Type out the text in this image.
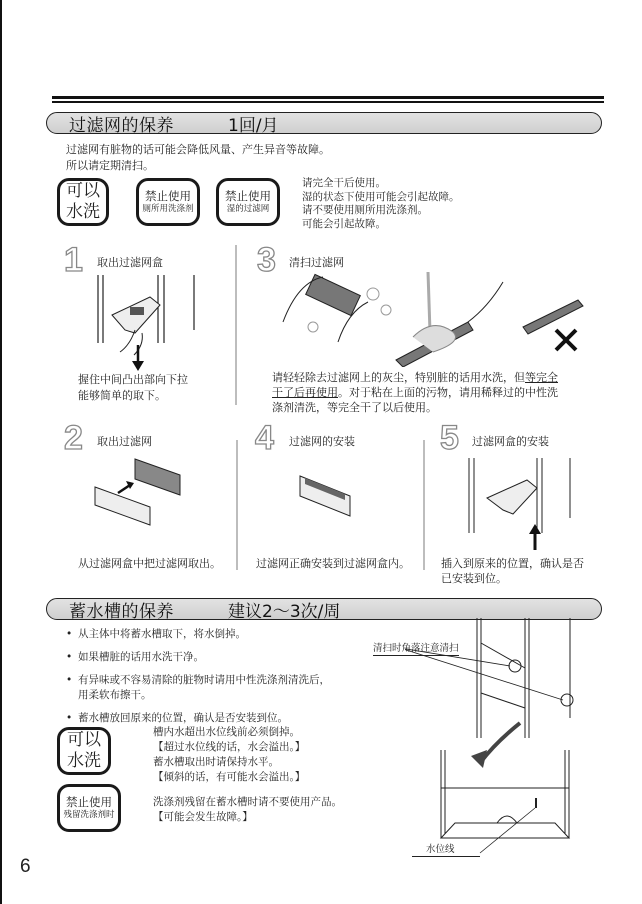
过滤网的保养	1回/月
过滤网有脏物的话可能会降低风量、产生异音等故障。
所以请定期清扫。
可以
水洗
禁止使用
厕所用洗涤剂
禁止使用
湿的过滤网
请完全干后使用。
湿的状态下使用可能会引起故障。
请不要使用厕所用洗涤剂。
可能会引起故障。
1 取出过滤网盒
握住中间凸出部向下拉
能够简单的取下。
3 清扫过滤网
请轻轻除去过滤网上的灰尘，特别脏的话用水洗，但等完全
干了后再使用。对于粘在上面的污物，请用稀释过的中性洗
涤剂清洗，等完全干了以后使用。
2 取出过滤网
从过滤网盒中把过滤网取出。
4 过滤网的安装
过滤网正确安装到过滤网盒内。
5 过滤网盒的安装
插入到原来的位置，确认是否
已安装到位。
蓄水槽的保养	建议2～3次/周
• 从主体中将蓄水槽取下，将水倒掉。
• 如果槽脏的话用水洗干净。
• 有异味或不容易清除的脏物时请用中性洗涤剂清洗后，
用柔软布擦干。
• 蓄水槽放回原来的位置，确认是否安装到位。
可以
水洗
槽内水超出水位线前必须倒掉。
【超过水位线的话，水会溢出。】
蓄水槽取出时请保持水平。
【倾斜的话，有可能水会溢出。】
禁止使用
残留洗涤剂时
洗涤剂残留在蓄水槽时请不要使用产品。
【可能会发生故障。】
清扫时角落注意清扫
水位线
6
